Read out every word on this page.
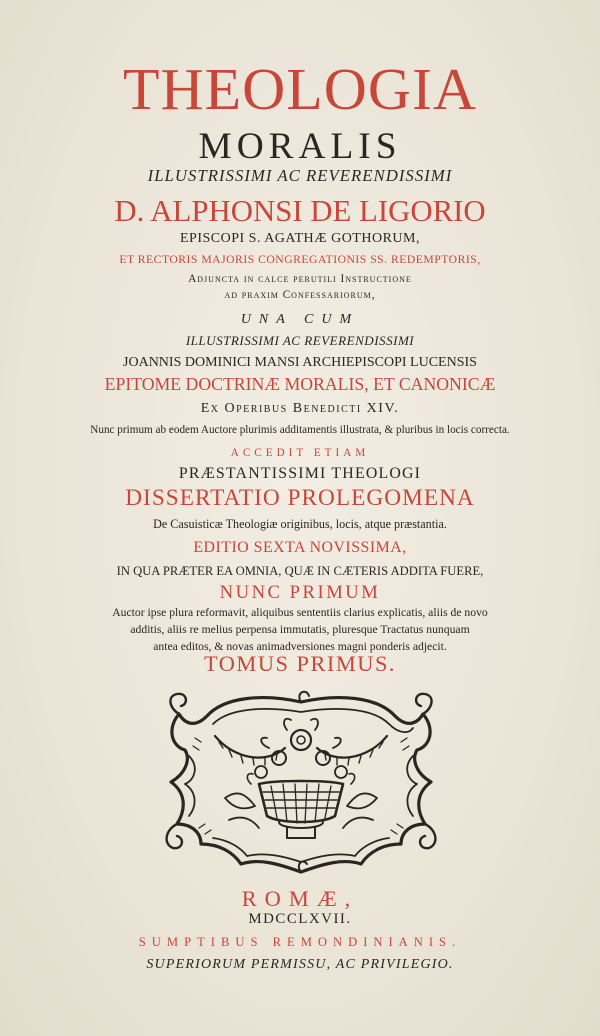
THEOLOGIA

MORALIS

ILLUSTRISSIMI AC REVERENDISSIMI

D. ALPHONSI DE LIGORIO

EPISCOPI S. AGATHÆ GOTHORUM,

ET RECTORIS MAJORIS CONGREGATIONIS SS. REDEMPTORIS,

Adjuncta in calce perutili Instructione

ad praxim Confessariorum,

UNA CUM

ILLUSTRISSIMI AC REVERENDISSIMI

JOANNIS DOMINICI MANSI ARCHIEPISCOPI LUCENSIS

EPITOME DOCTRINÆ MORALIS, ET CANONICÆ

Ex Operibus Benedicti XIV.

Nunc primum ab eodem Auctore plurimis additamentis illustrata, & pluribus in locis correcta.

ACCEDIT ETIAM

PRÆSTANTISSIMI THEOLOGI

DISSERTATIO PROLEGOMENA

De Casuisticæ Theologiæ originibus, locis, atque præstantia.

EDITIO SEXTA NOVISSIMA,

IN QUA PRÆTER EA OMNIA, QUÆ IN CÆTERIS ADDITA FUERE,

NUNC PRIMUM

Auctor ipse plura reformavit, aliquibus sententiis clarius explicatis, aliis de novo

additis, aliis re melius perpensa immutatis, pluresque Tractatus nunquam

antea editos, & novas animadversiones magni ponderis adjecit.

TOMUS PRIMUS.

ROMÆ,

MDCCLXVII.

SUMPTIBUS REMONDINIANIS.

SUPERIORUM PERMISSU, AC PRIVILEGIO.
